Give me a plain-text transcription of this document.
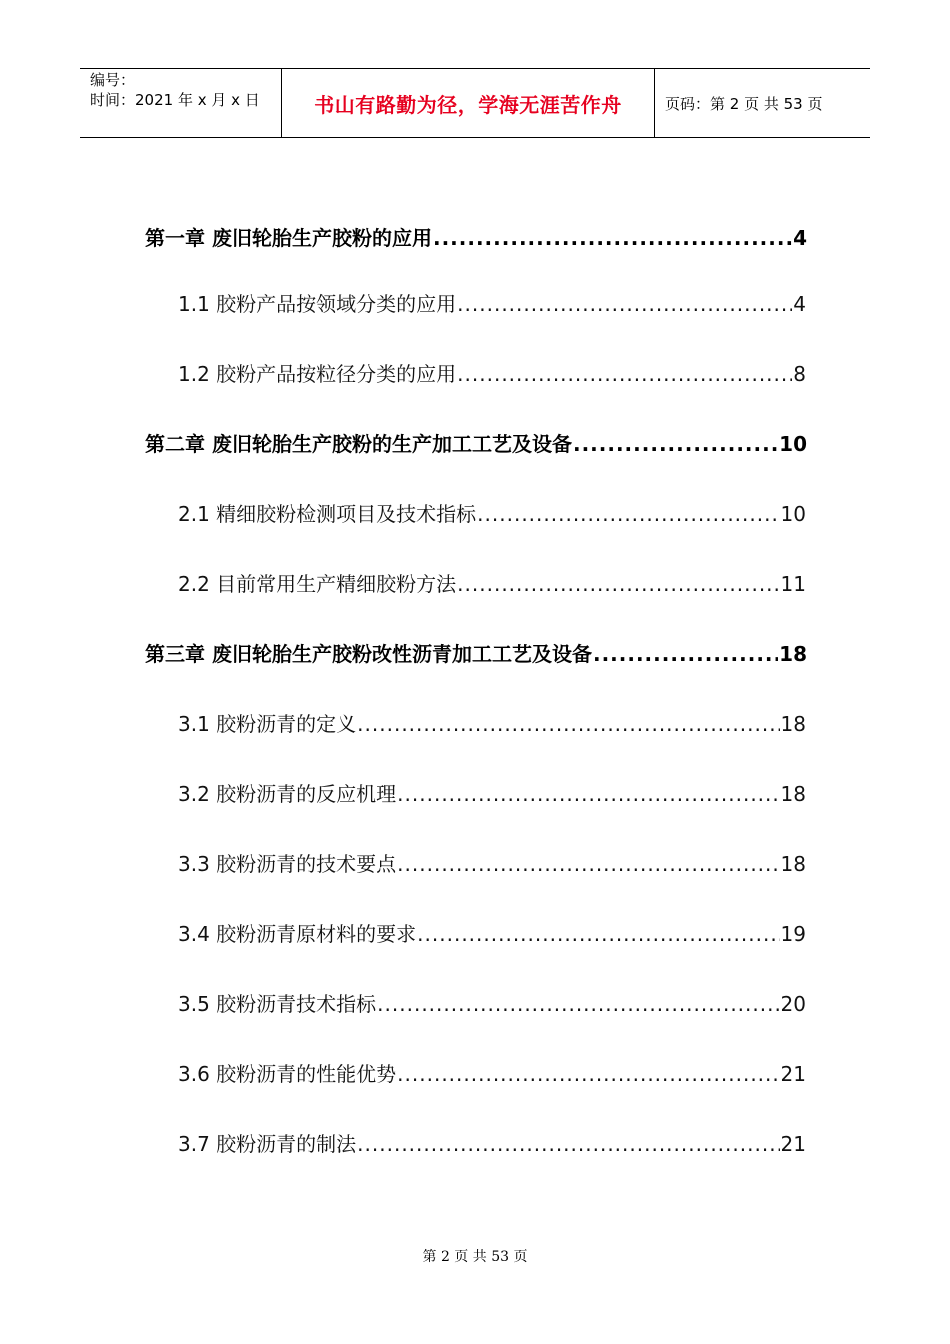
编号：
时间：2021 年 x 月 x 日	书山有路勤为径，学海无涯苦作舟	页码：第 2 页 共 53 页
第一章 废旧轮胎生产胶粉的应用 .....	4
1.1 胶粉产品按领域分类的应用 .....	4
1.2 胶粉产品按粒径分类的应用 .....	8
第二章 废旧轮胎生产胶粉的生产加工工艺及设备 .....	10
2.1 精细胶粉检测项目及技术指标 .....	10
2.2 目前常用生产精细胶粉方法 .....	11
第三章 废旧轮胎生产胶粉改性沥青加工工艺及设备 .....	18
3.1 胶粉沥青的定义 .....	18
3.2 胶粉沥青的反应机理 .....	18
3.3 胶粉沥青的技术要点 .....	18
3.4 胶粉沥青原材料的要求 .....	19
3.5 胶粉沥青技术指标 .....	20
3.6 胶粉沥青的性能优势 .....	21
3.7 胶粉沥青的制法 .....	21
第 2 页 共 53 页
